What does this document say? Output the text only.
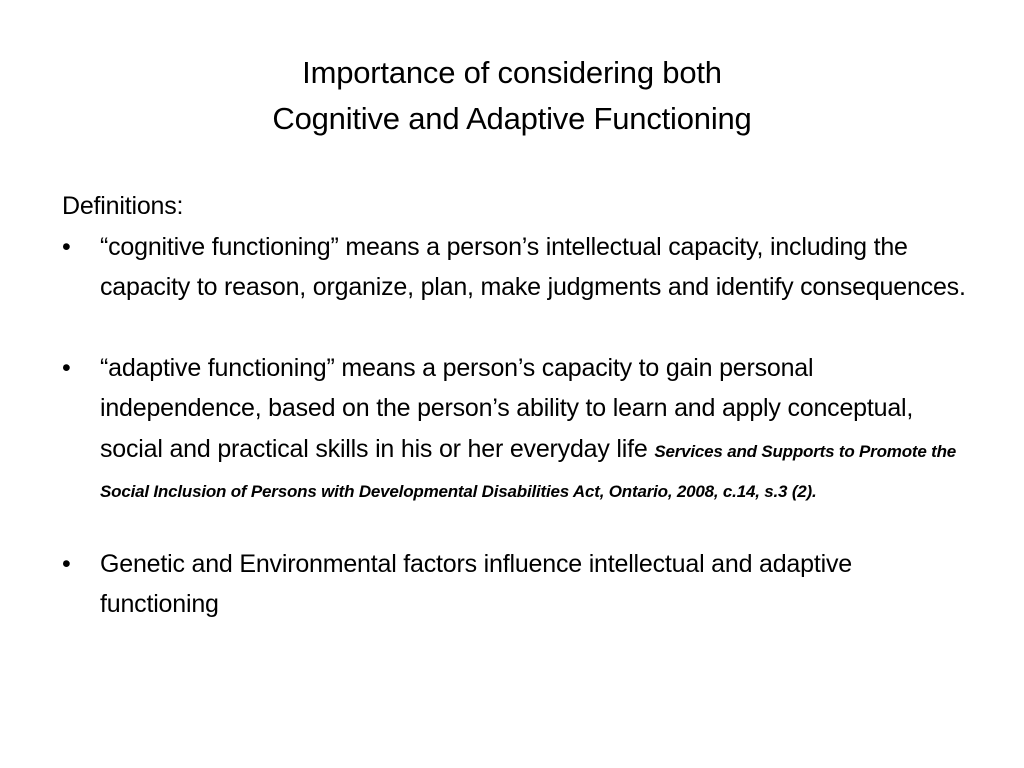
Importance of considering both
Cognitive and Adaptive Functioning
Definitions:
• “cognitive functioning” means a person’s intellectual capacity, including the capacity to reason, organize, plan, make judgments and identify consequences.
• “adaptive functioning” means a person’s capacity to gain personal independence, based on the person’s ability to learn and apply conceptual, social and practical skills in his or her everyday life Services and Supports to Promote the Social Inclusion of Persons with Developmental Disabilities Act, Ontario, 2008, c.14, s.3 (2).
• Genetic and Environmental factors influence intellectual and adaptive functioning
